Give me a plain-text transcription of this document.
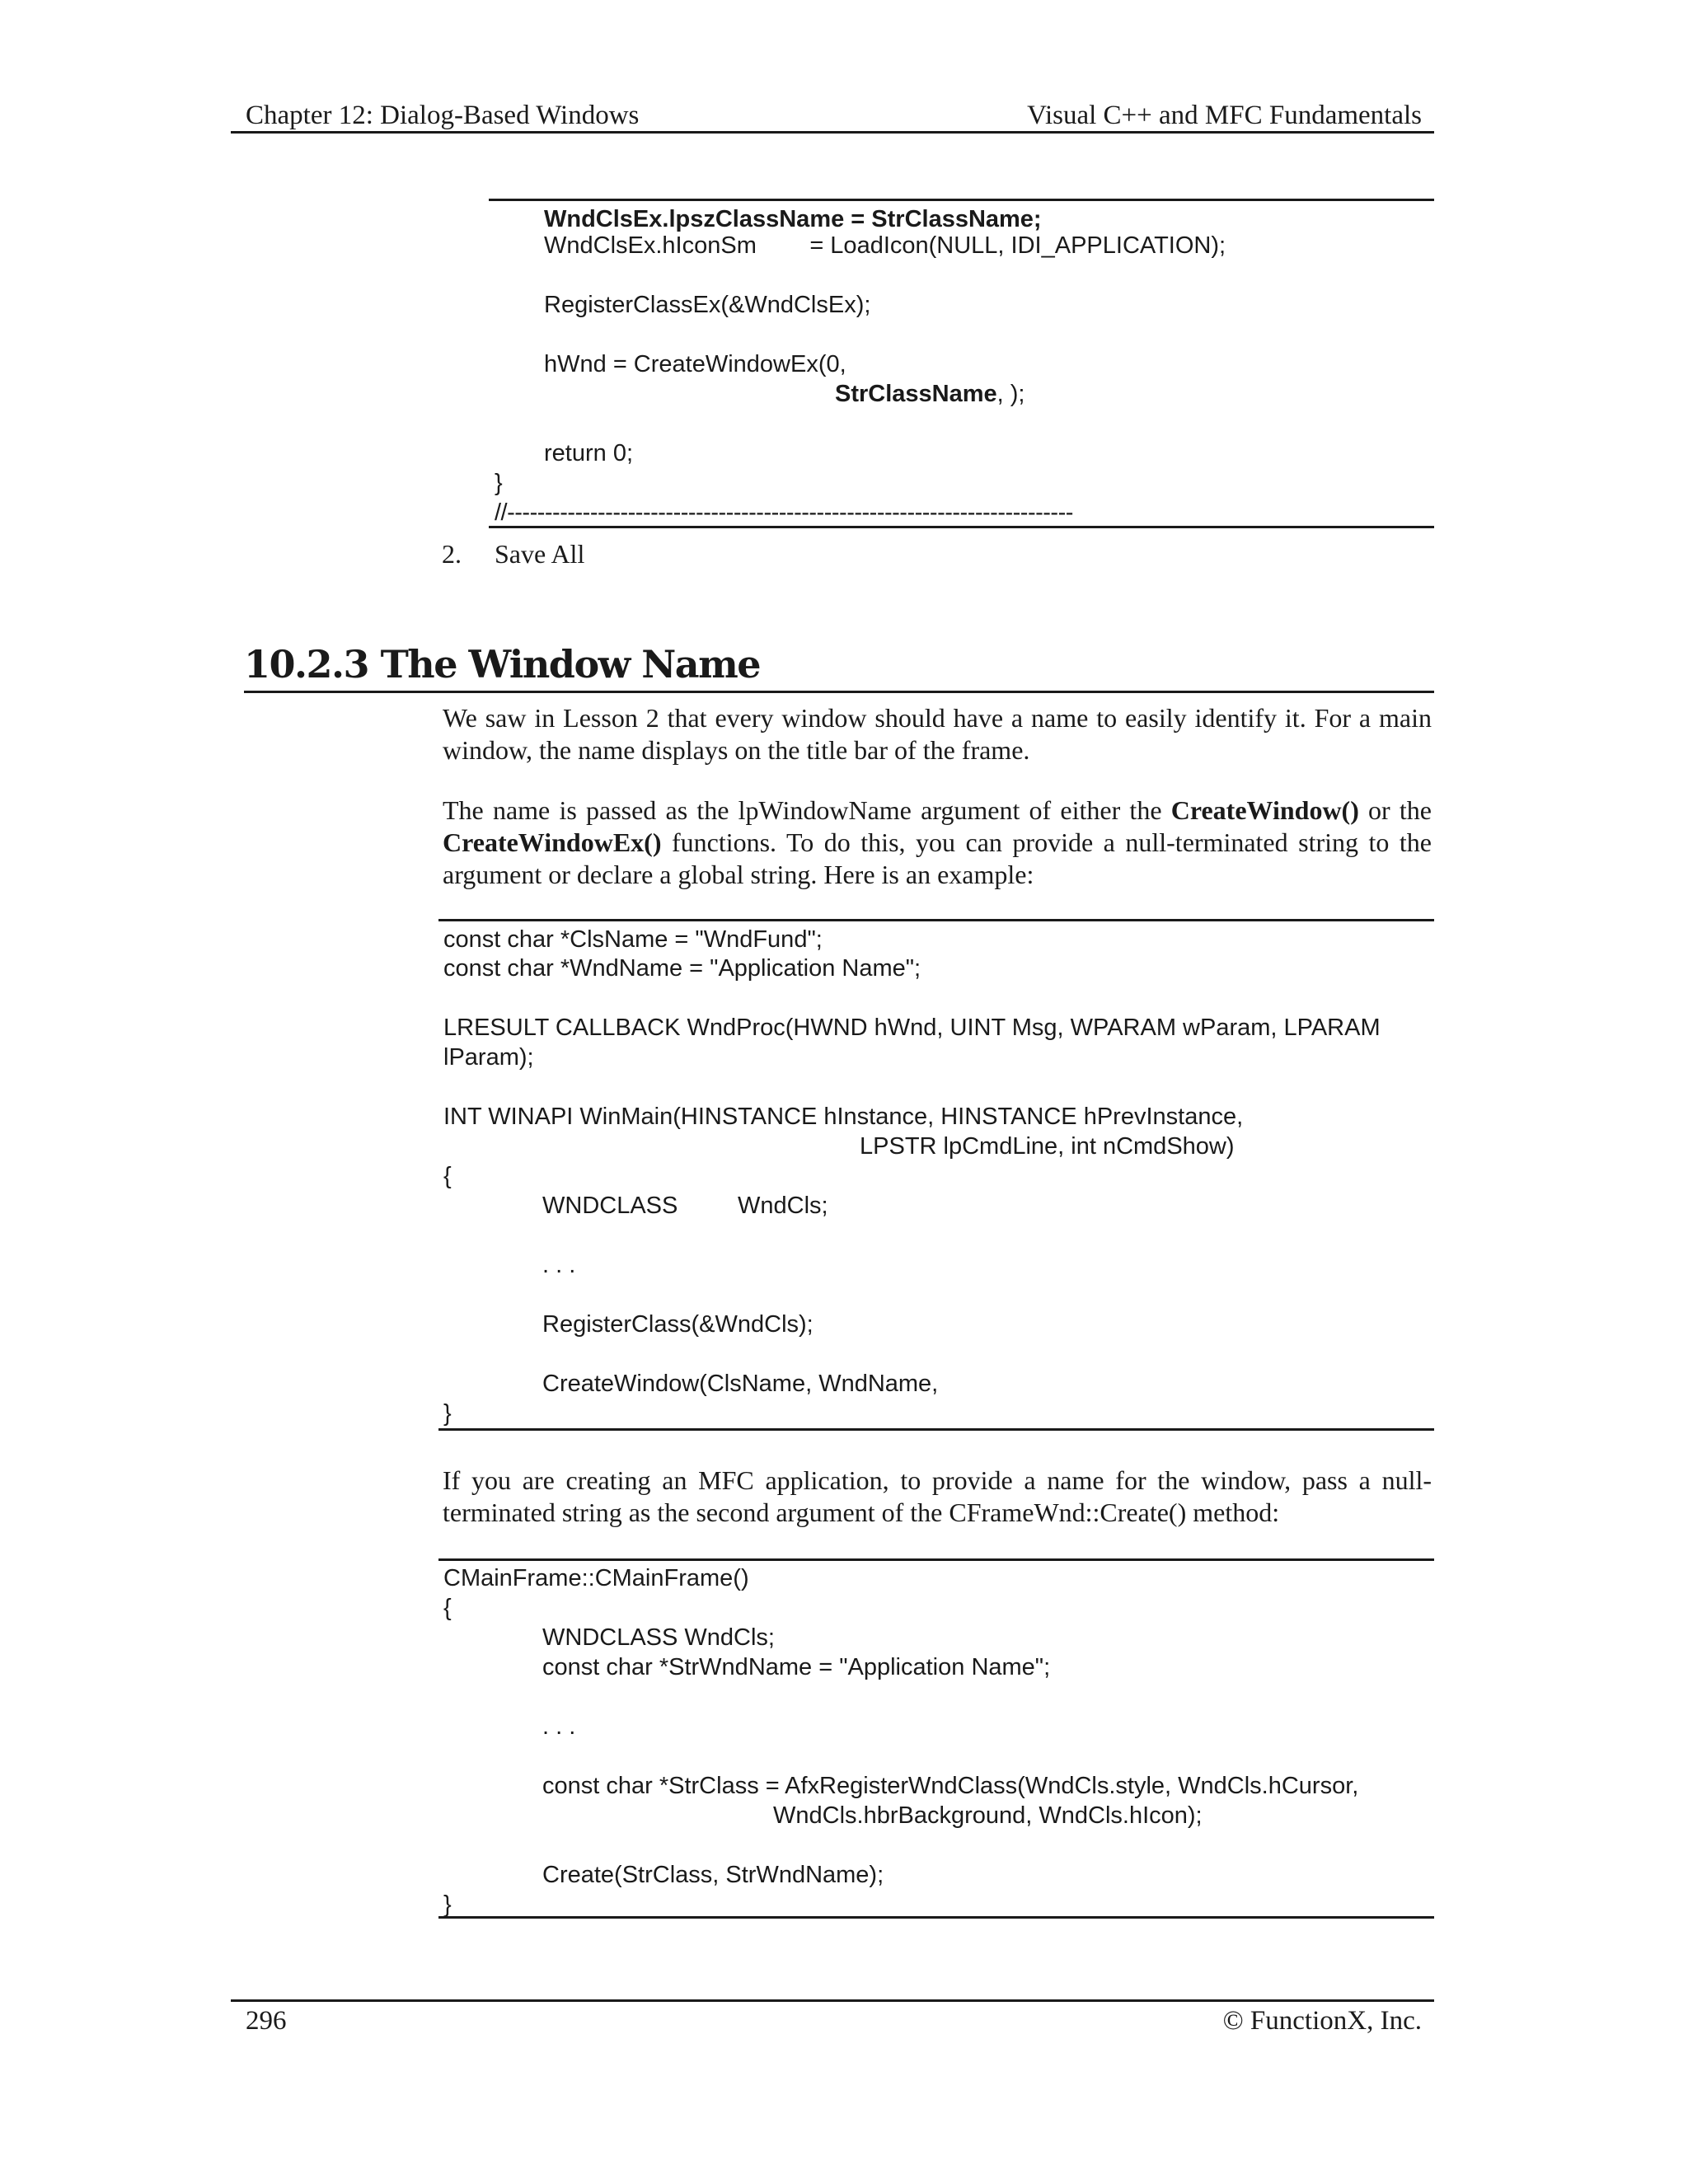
Chapter 12: Dialog-Based Windows	Visual C++ and MFC Fundamentals

WndClsEx.lpszClassName = StrClassName;

WndClsEx.hIconSm        = LoadIcon(NULL, IDI_APPLICATION);

RegisterClassEx(&WndClsEx);

hWnd = CreateWindowEx(0,

StrClassName, );

return 0;

}

//---------------------------------------------------------------------------

2. Save All
10.2.3 The Window Name

We saw in Lesson 2 that every window should have a name to easily identify it. For a main window, the name displays on the title bar of the frame.

The name is passed as the lpWindowName argument of either the CreateWindow() or the CreateWindowEx() functions. To do this, you can provide a null-terminated string to the argument or declare a global string. Here is an example:

const char *ClsName = "WndFund";

const char *WndName = "Application Name";

LRESULT CALLBACK WndProc(HWND hWnd, UINT Msg, WPARAM wParam, LPARAM

lParam);

INT WINAPI WinMain(HINSTANCE hInstance, HINSTANCE hPrevInstance,

LPSTR lpCmdLine, int nCmdShow)

{

WNDCLASS

	WndCls;

. . .

RegisterClass(&WndCls);

CreateWindow(ClsName, WndName,

}

If you are creating an MFC application, to provide a name for the window, pass a null-terminated string as the second argument of the CFrameWnd::Create() method:

CMainFrame::CMainFrame()

{

WNDCLASS WndCls;

const char *StrWndName = "Application Name";

. . .

const char *StrClass = AfxRegisterWndClass(WndCls.style, WndCls.hCursor,

WndCls.hbrBackground, WndCls.hIcon);

Create(StrClass, StrWndName);

}

296	© FunctionX, Inc.
